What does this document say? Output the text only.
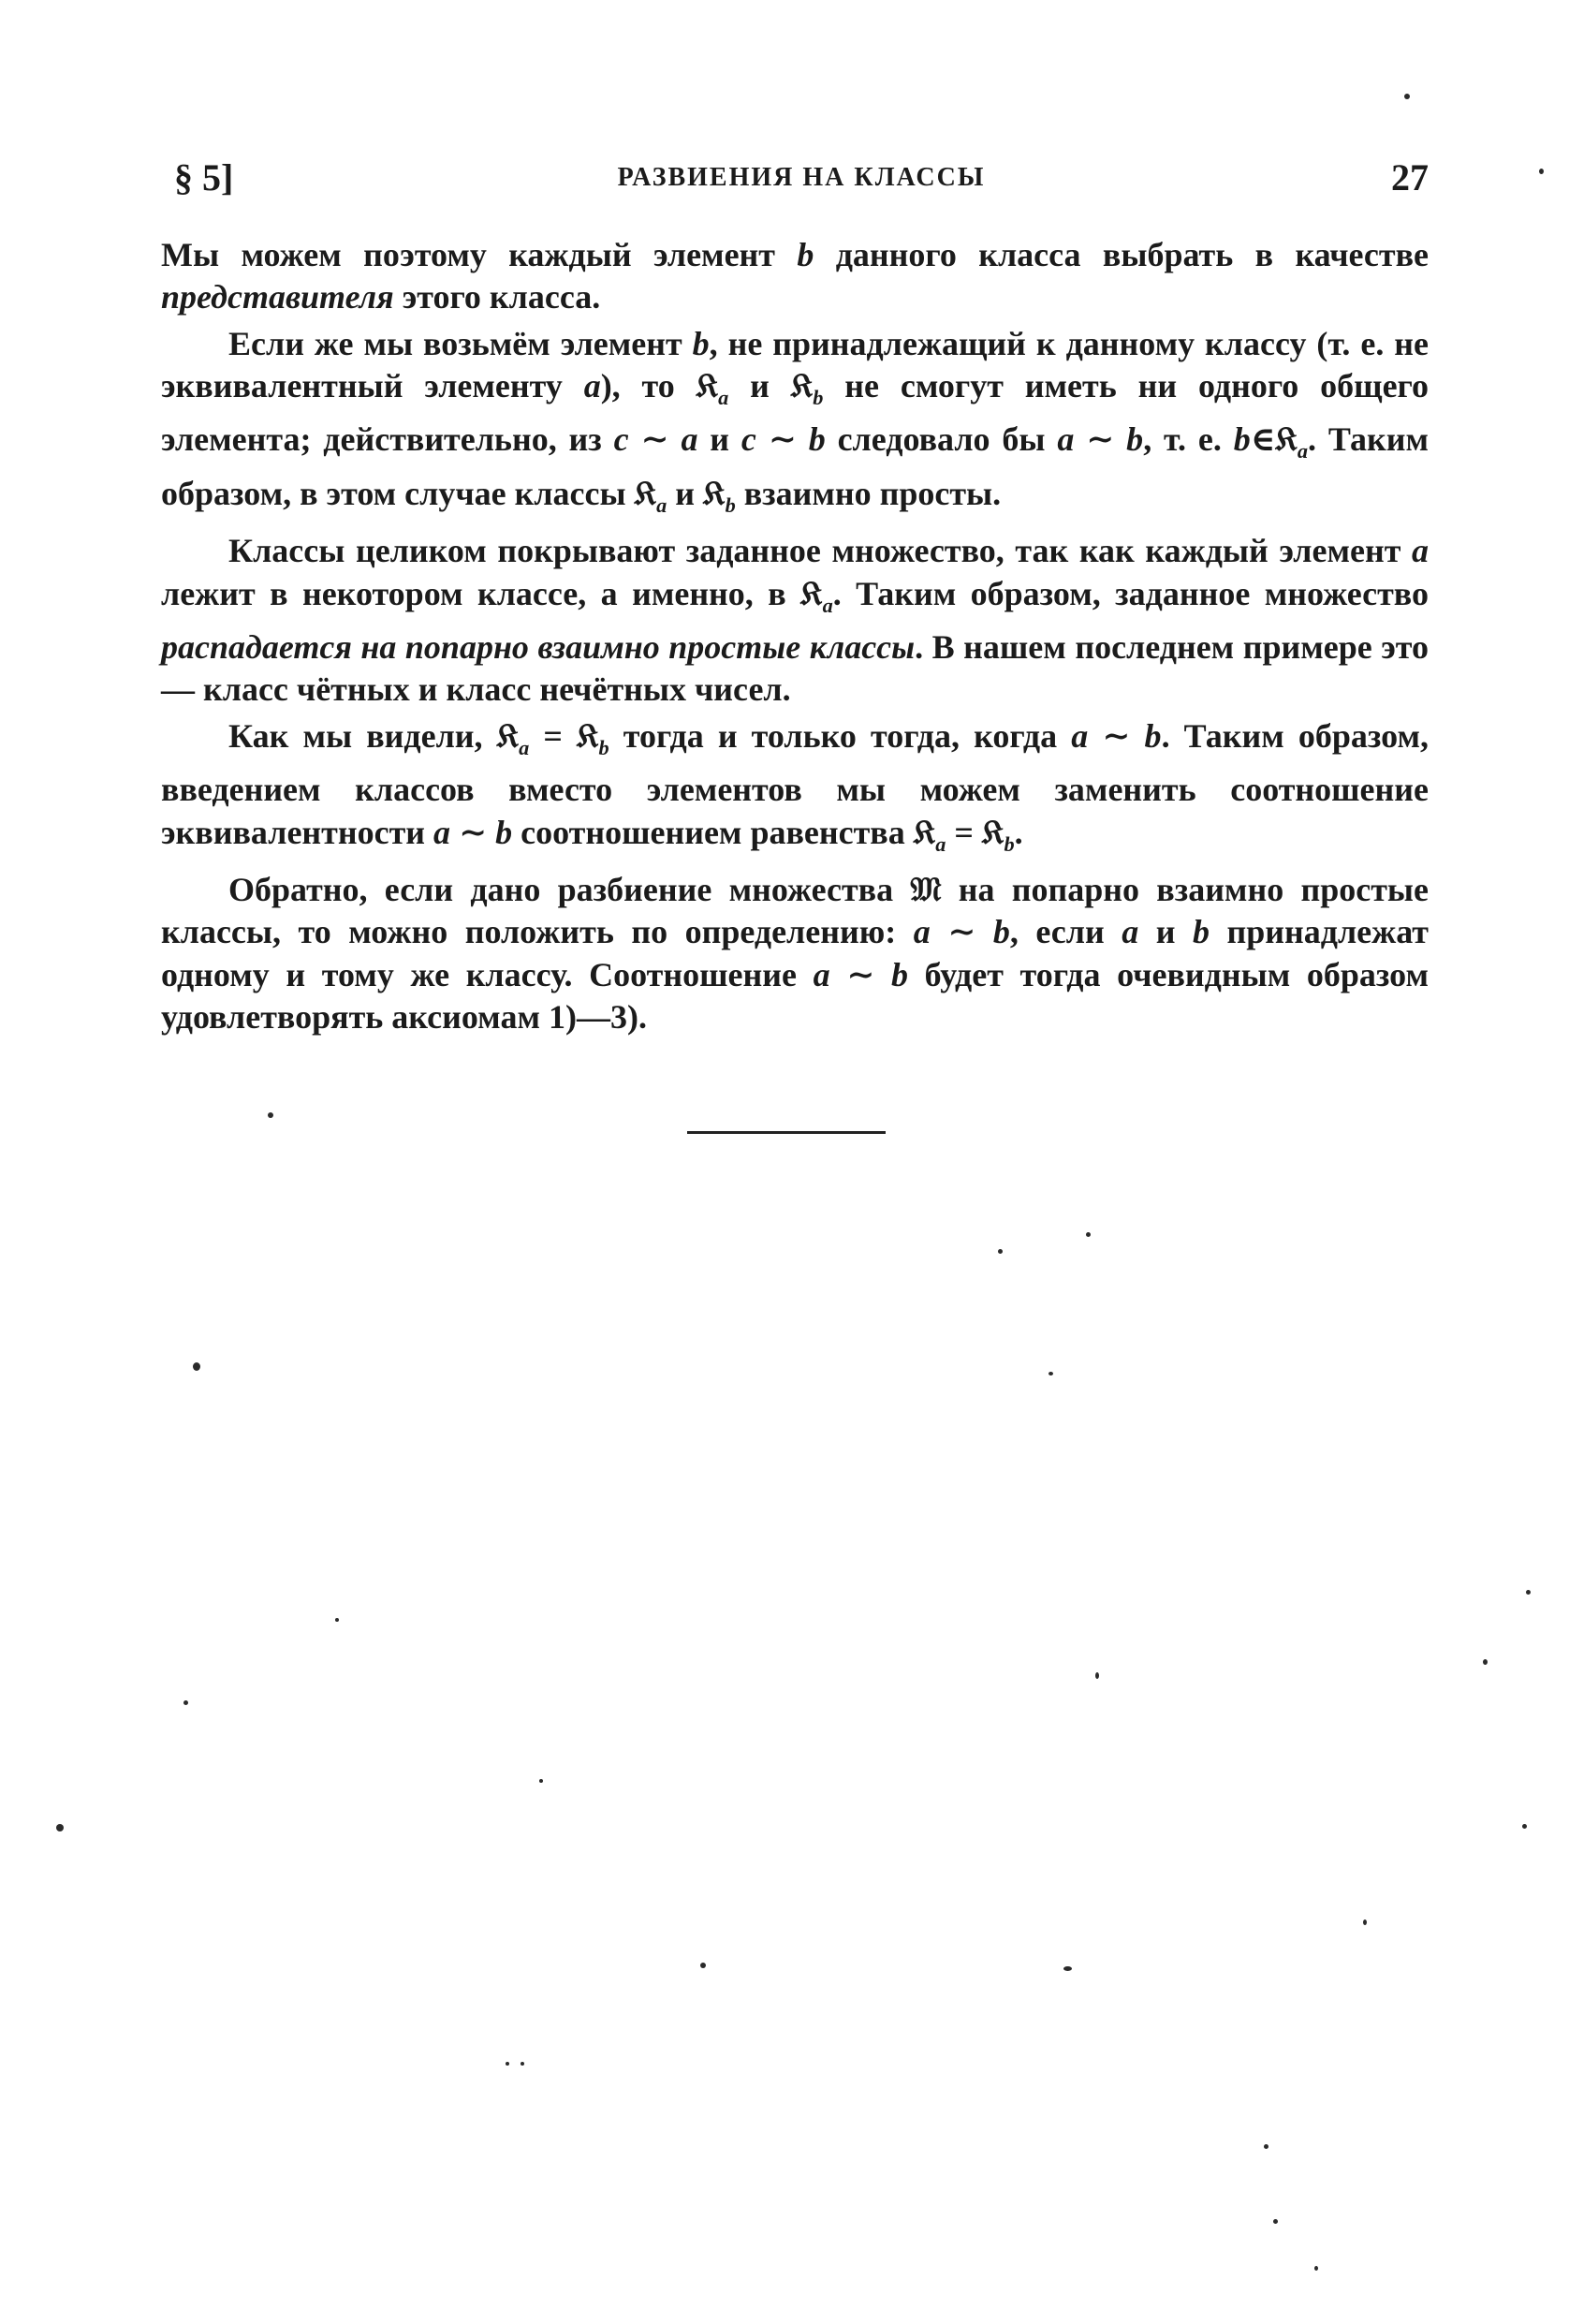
§ 5]	РАЗВИЕНИЯ НА КЛАССЫ	27

Мы можем поэтому каждый элемент b данного класса выбрать в качестве представителя этого класса.

Если же мы возьмём элемент b, не принадлежащий к данному классу (т. е. не эквивалентный элементу a), то 𝔎$_a$ и 𝔎$_b$ не смогут иметь ни одного общего элемента; действительно, из c ∼ a и c ∼ b следовало бы a ∼ b, т. е. b∈𝔎$_a$. Таким образом, в этом случае классы 𝔎$_a$ и 𝔎$_b$ взаимно просты.

Классы целиком покрывают заданное множество, так как каждый элемент a лежит в некотором классе, а именно, в 𝔎$_a$. Таким образом, заданное множество распадается на попарно взаимно простые классы. В нашем последнем примере это — класс чётных и класс нечётных чисел.

Как мы видели, 𝔎$_a$ = 𝔎$_b$ тогда и только тогда, когда a ∼ b. Таким образом, введением классов вместо элементов мы можем заменить соотношение эквивалентности a ∼ b соотношением равенства 𝔎$_a$ = 𝔎$_b$.

Обратно, если дано разбиение множества 𝔐 на попарно взаимно простые классы, то можно положить по определению: a ∼ b, если a и b принадлежат одному и тому же классу. Соотношение a ∼ b будет тогда очевидным образом удовлетворять аксиомам 1)—3).
